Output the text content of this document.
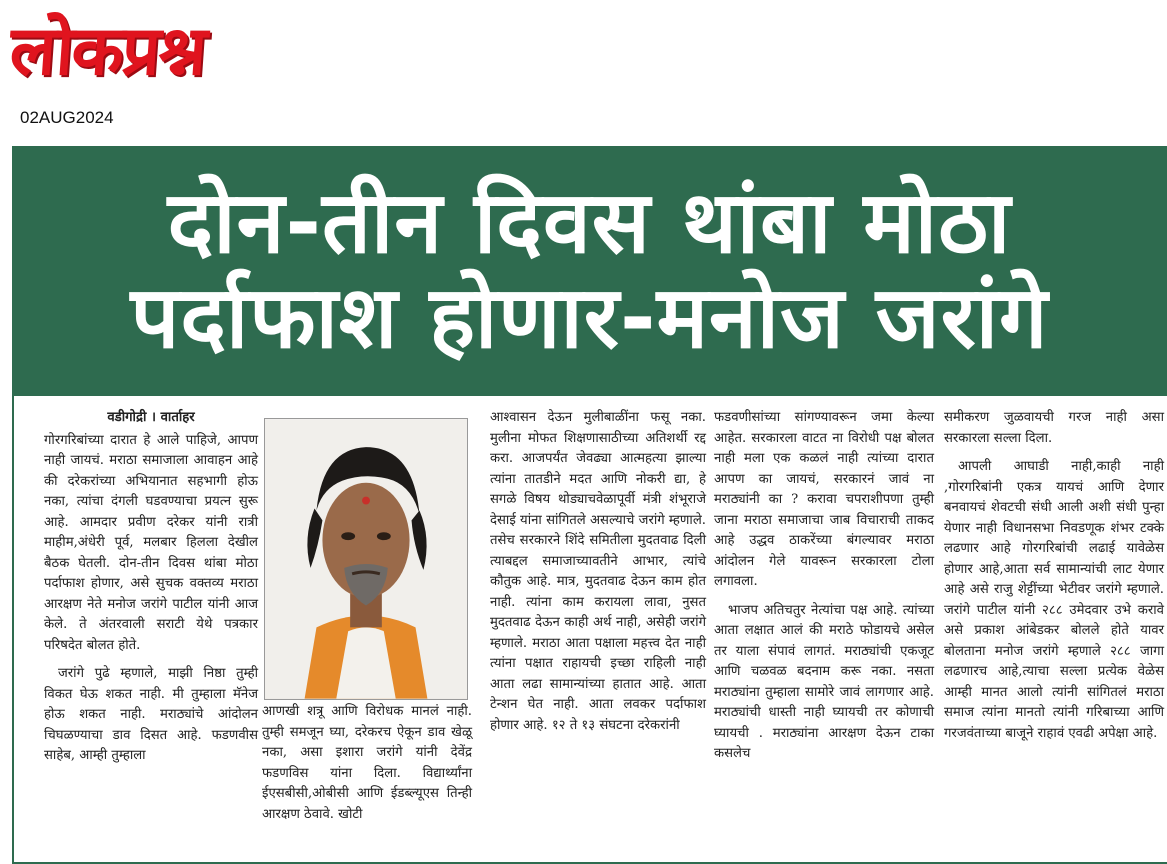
लोकप्रश्न
02AUG2024
दोन-तीन दिवस थांबा मोठा
पर्दाफाश होणार-मनोज जरांगे
वडीगोद्री । वार्ताहर

गोरगरिबांच्या दारात हे आले पाहिजे, आपण नाही जायचं. मराठा समाजाला आवाहन आहे की दरेकरांच्या अभियानात सहभागी होऊ नका, त्यांचा दंगली घडवण्याचा प्रयत्न सुरू आहे. आमदार प्रवीण दरेकर यांनी रात्री माहीम,अंधेरी पूर्व, मलबार हिलला देखील बैठक घेतली. दोन-तीन दिवस थांबा मोठा पर्दाफाश होणार, असे सुचक वक्तव्य मराठा आरक्षण नेते मनोज जरांगे पाटील यांनी आज केले. ते अंतरवाली सराटी येथे पत्रकार परिषदेत बोलत होते.

जरांगे पुढे म्हणाले, माझी निष्ठा तुम्ही विकत घेऊ शकत नाही. मी तुम्हाला मॅनेज होऊ शकत नाही. मराठ्यांचे आंदोलन चिघळण्याचा डाव दिसत आहे. फडणवीस साहेब, आम्ही तुम्हाला

आणखी शत्रू आणि विरोधक मानलं नाही. तुम्ही समजून घ्या, दरेकरच ऐकून डाव खेळू नका, असा इशारा जरांगे यांनी देवेंद्र फडणविस यांना दिला. विद्यार्थ्यांना ईएसबीसी,ओबीसी आणि ईडब्ल्यूएस तिन्ही आरक्षण ठेवावे. खोटी

आश्वासन देऊन मुलीबाळींना फसू नका. मुलीना मोफत शिक्षणासाठीच्या अतिशर्थी रद्द करा. आजपर्यंत जेवढ्या आत्महत्या झाल्या त्यांना तातडीने मदत आणि नोकरी द्या, हे सगळे विषय थोड्याचवेळापूर्वी मंत्री शंभूराजे देसाई यांना सांगितले असल्याचे जरांगे म्हणाले. तसेच सरकारने शिंदे समितीला मुदतवाढ दिली त्याबद्दल समाजाच्यावतीने आभार, त्यांचे कौतुक आहे. मात्र, मुदतवाढ देऊन काम होत नाही. त्यांना काम करायला लावा, नुसत मुदतवाढ देऊन काही अर्थ नाही, असेही जरांगे म्हणाले. मराठा आता पक्षाला महत्त्व देत नाही त्यांना पक्षात राहायची इच्छा राहिली नाही आता लढा सामान्यांच्या हातात आहे. आता टेन्शन घेत नाही. आता लवकर पर्दाफाश होणार आहे. १२ ते १३ संघटना दरेकरांनी

फडवणीसांच्या सांगण्यावरून जमा केल्या आहेत. सरकारला वाटत ना विरोधी पक्ष बोलत नाही मला एक कळलं नाही त्यांच्या दारात आपण का जायचं, सरकारनं जावं ना मराठ्यांनी का ? करावा चपराशीपणा तुम्ही जाना मराठा समाजाचा जाब विचाराची ताकद आहे उद्धव ठाकरेंच्या बंगल्यावर मराठा आंदोलन गेले यावरून सरकारला टोला लगावला.

भाजप अतिचतुर नेत्यांचा पक्ष आहे. त्यांच्या आता लक्षात आलं की मराठे फोडायचे असेल तर याला संपावं लागतं. मराठ्यांची एकजूट आणि चळवळ बदनाम करू नका. नसता मराठ्यांना तुम्हाला सामोरे जावं लागणार आहे. मराठ्यांची धास्ती नाही घ्यायची तर कोणाची घ्यायची . मराठ्यांना आरक्षण देऊन टाका कसलेच

समीकरण जुळवायची गरज नाही असा सरकारला सल्ला दिला.

आपली आघाडी नाही,काही नाही ,गोरगरिबांनी एकत्र यायचं आणि देणार बनवायचं शेवटची संधी आली अशी संधी पुन्हा येणार नाही विधानसभा निवडणूक शंभर टक्के लढणार आहे गोरगरिबांची लढाई यावेळेस होणार आहे,आता सर्व सामान्यांची लाट येणार आहे असे राजु शेट्टींच्या भेटीवर जरांगे म्हणाले. जरांगे पाटील यांनी २८८ उमेदवार उभे करावे असे प्रकाश आंबेडकर बोलले होते यावर बोलताना मनोज जरांगे म्हणाले २८८ जागा लढणारच आहे,त्याचा सल्ला प्रत्येक वेळेस आम्ही मानत आलो त्यांनी सांगितलं मराठा समाज त्यांना मानतो त्यांनी गरिबाच्या आणि गरजवंताच्या बाजूने राहावं एवढी अपेक्षा आहे.
